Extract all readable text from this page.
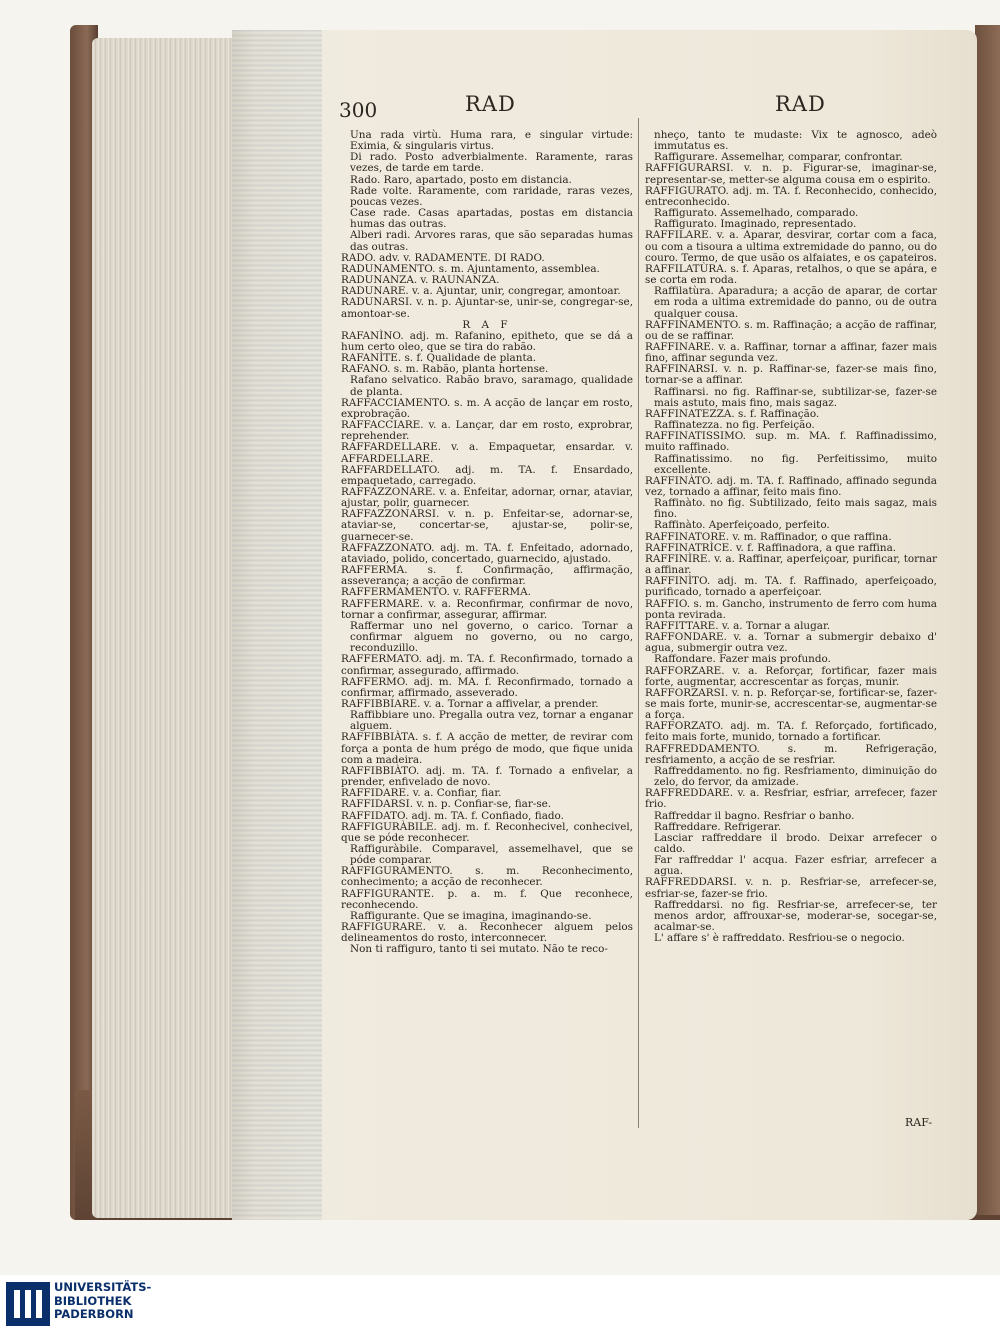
300	RAD	RAD
Una rada virtù. Huma rara, e singular virtude: Eximia, & singularis virtus.
Di rado. Posto adverbialmente. Raramente, raras vezes, de tarde em tarde.
Rado. Raro, apartado, posto em distancia.
Rade volte. Raramente, com raridade, raras vezes, poucas vezes.
Case rade. Casas apartadas, postas em distancia humas das outras.
Alberi radi. Arvores raras, que são separadas humas das outras.
RADO. adv. v. RADAMENTE. DI RADO.
RADUNAMENTO. s. m. Ajuntamento, assemblea.
RADUNANZA. v. RAUNANZA.
RADUNARE. v. a. Ajuntar, unir, congregar, amontoar.
RADUNARSI. v. n. p. Ajuntar-se, unir-se, congregar-se, amontoar-se.
R A F
RAFANÌNO. adj. m. Rafanino, epitheto, que se dá a hum certo oleo, que se tira do rabão.
RAFANÌTE. s. f. Qualidade de planta.
RAFANO. s. m. Rabão, planta hortense.
Rafano selvatico. Rabão bravo, saramago, qualidade de planta.
RAFFACCIAMENTO. s. m. A acção de lançar em rosto, exprobração.
RAFFACCIARE. v. a. Lançar, dar em rosto, exprobrar, reprehender.
RAFFARDELLARE. v. a. Empaquetar, ensardar. v. AFFARDELLARE.
RAFFARDELLATO. adj. m. TA. f. Ensardado, empaquetado, carregado.
RAFFAZZONARE. v. a. Enfeitar, adornar, ornar, ataviar, ajustar, polir, guarnecer.
RAFFAZZONARSI. v. n. p. Enfeitar-se, adornar-se, ataviar-se, concertar-se, ajustar-se, polir-se, guarnecer-se.
RAFFAZZONATO. adj. m. TA. f. Enfeitado, adornado, ataviado, polido, concertado, guarnecido, ajustado.
RAFFERMA. s. f. Confirmação, affirmação, asseverança; a acção de confirmar.
RAFFERMAMENTO. v. RAFFERMA.
RAFFERMARE. v. a. Reconfirmar, confirmar de novo, tornar a confirmar, assegurar, affirmar.
Raffermar uno nel governo, o carico. Tornar a confirmar alguem no governo, ou no cargo, reconduzillo.
RAFFERMATO. adj. m. TA. f. Reconfirmado, tornado a confirmar, assegurado, affirmado.
RAFFERMO. adj. m. MA. f. Reconfirmado, tornado a confirmar, affirmado, asseverado.
RAFFIBBIARE. v. a. Tornar a affivelar, a prender.
Raffibbiare uno. Pregalla outra vez, tornar a enganar alguem.
RAFFIBBIÀTA. s. f. A acção de metter, de revirar com força a ponta de hum prégo de modo, que fique unida com a madeira.
RAFFIBBIÀTO. adj. m. TA. f. Tornado a enfivelar, a prender, enfivelado de novo.
RAFFIDARE. v. a. Confiar, fiar.
RAFFIDARSI. v. n. p. Confiar-se, fiar-se.
RAFFIDATO. adj. m. TA. f. Confiado, fiado.
RAFFIGURÀBILE. adj. m. f. Reconhecivel, conhecivel, que se póde reconhecer.
Raffiguràbile. Comparavel, assemelhavel, que se póde comparar.
RAFFIGURAMENTO. s. m. Reconhecimento, conhecimento; a acção de reconhecer.
RAFFIGURANTE. p. a. m. f. Que reconhece, reconhecendo.
Raffigurante. Que se imagina, imaginando-se.
RAFFIGURARE. v. a. Reconhecer alguem pelos delineamentos do rosto, interconnecer.
Non ti raffiguro, tanto ti sei mutato. Não te reco-
nheço, tanto te mudaste: Vix te agnosco, adeò immutatus es.
Raffigurare. Assemelhar, comparar, confrontar.
RAFFIGURARSI. v. n. p. Figurar-se, imaginar-se, representar-se, metter-se alguma cousa em o espirito.
RAFFIGURATO. adj. m. TA. f. Reconhecido, conhecido, entreconhecido.
Raffigurato. Assemelhado, comparado.
Raffigurato. Imaginado, representado.
RAFFILARE. v. a. Aparar, desvirar, cortar com a faca, ou com a tisoura a ultima extremidade do panno, ou do couro. Termo, de que usão os alfaiates, e os çapateiros.
RAFFILATÙRA. s. f. Aparas, retalhos, o que se apára, e se corta em roda.
Raffilatùra. Aparadura; a acção de aparar, de cortar em roda a ultima extremidade do panno, ou de outra qualquer cousa.
RAFFINAMENTO. s. m. Raffinação; a acção de raffinar, ou de se raffinar.
RAFFINARE. v. a. Raffinar, tornar a affinar, fazer mais fino, affinar segunda vez.
RAFFINARSI. v. n. p. Raffinar-se, fazer-se mais fino, tornar-se a affinar.
Raffinarsi. no fig. Raffinar-se, subtilizar-se, fazer-se mais astuto, mais fino, mais sagaz.
RAFFINATEZZA. s. f. Raffinação.
Raffinatezza. no fig. Perfeição.
RAFFINATISSIMO. sup. m. MA. f. Raffinadissimo, muito raffinado.
Raffinatissimo. no fig. Perfeitissimo, muito excellente.
RAFFINÀTO. adj. m. TA. f. Raffinado, affinado segunda vez, tornado a affinar, feito mais fino.
Raffinàto. no fig. Subtilizado, feito mais sagaz, mais fino.
Raffinàto. Aperfeiçoado, perfeito.
RAFFINATORE. v. m. Raffinador, o que raffina.
RAFFINATRÌCE. v. f. Raffinadora, a que raffina.
RAFFINÌRE. v. a. Raffinar, aperfeiçoar, purificar, tornar a affinar.
RAFFINÌTO. adj. m. TA. f. Raffinado, aperfeiçoado, purificado, tornado a aperfeiçoar.
RAFFIO. s. m. Gancho, instrumento de ferro com huma ponta revirada.
RAFFITTARE. v. a. Tornar a alugar.
RAFFONDARE. v. a. Tornar a submergir debaixo d' agua, submergir outra vez.
Raffondare. Fazer mais profundo.
RAFFORZARE. v. a. Reforçar, fortificar, fazer mais forte, augmentar, accrescentar as forças, munir.
RAFFORZARSI. v. n. p. Reforçar-se, fortificar-se, fazer-se mais forte, munir-se, accrescentar-se, augmentar-se a força.
RAFFORZATO. adj. m. TA. f. Reforçado, fortificado, feito mais forte, munido, tornado a fortificar.
RAFFREDDAMENTO. s. m. Refrigeração, resfriamento, a acção de se resfriar.
Raffreddamento. no fig. Resfriamento, diminuição do zelo, do fervor, da amizade.
RAFFREDDARE. v. a. Resfriar, esfriar, arrefecer, fazer frio.
Raffreddar il bagno. Resfriar o banho.
Raffreddare. Refrigerar.
Lasciar raffreddare il brodo. Deixar arrefecer o caldo.
Far raffreddar l' acqua. Fazer esfriar, arrefecer a agua.
RAFFREDDARSI. v. n. p. Resfriar-se, arrefecer-se, esfriar-se, fazer-se frio.
Raffreddarsi. no fig. Resfriar-se, arrefecer-se, ter menos ardor, affrouxar-se, moderar-se, socegar-se, acalmar-se.
L' affare s' è raffreddato. Resfriou-se o negocio.
RAF-
UNIVERSITÄTS-
BIBLIOTHEK
PADERBORN
